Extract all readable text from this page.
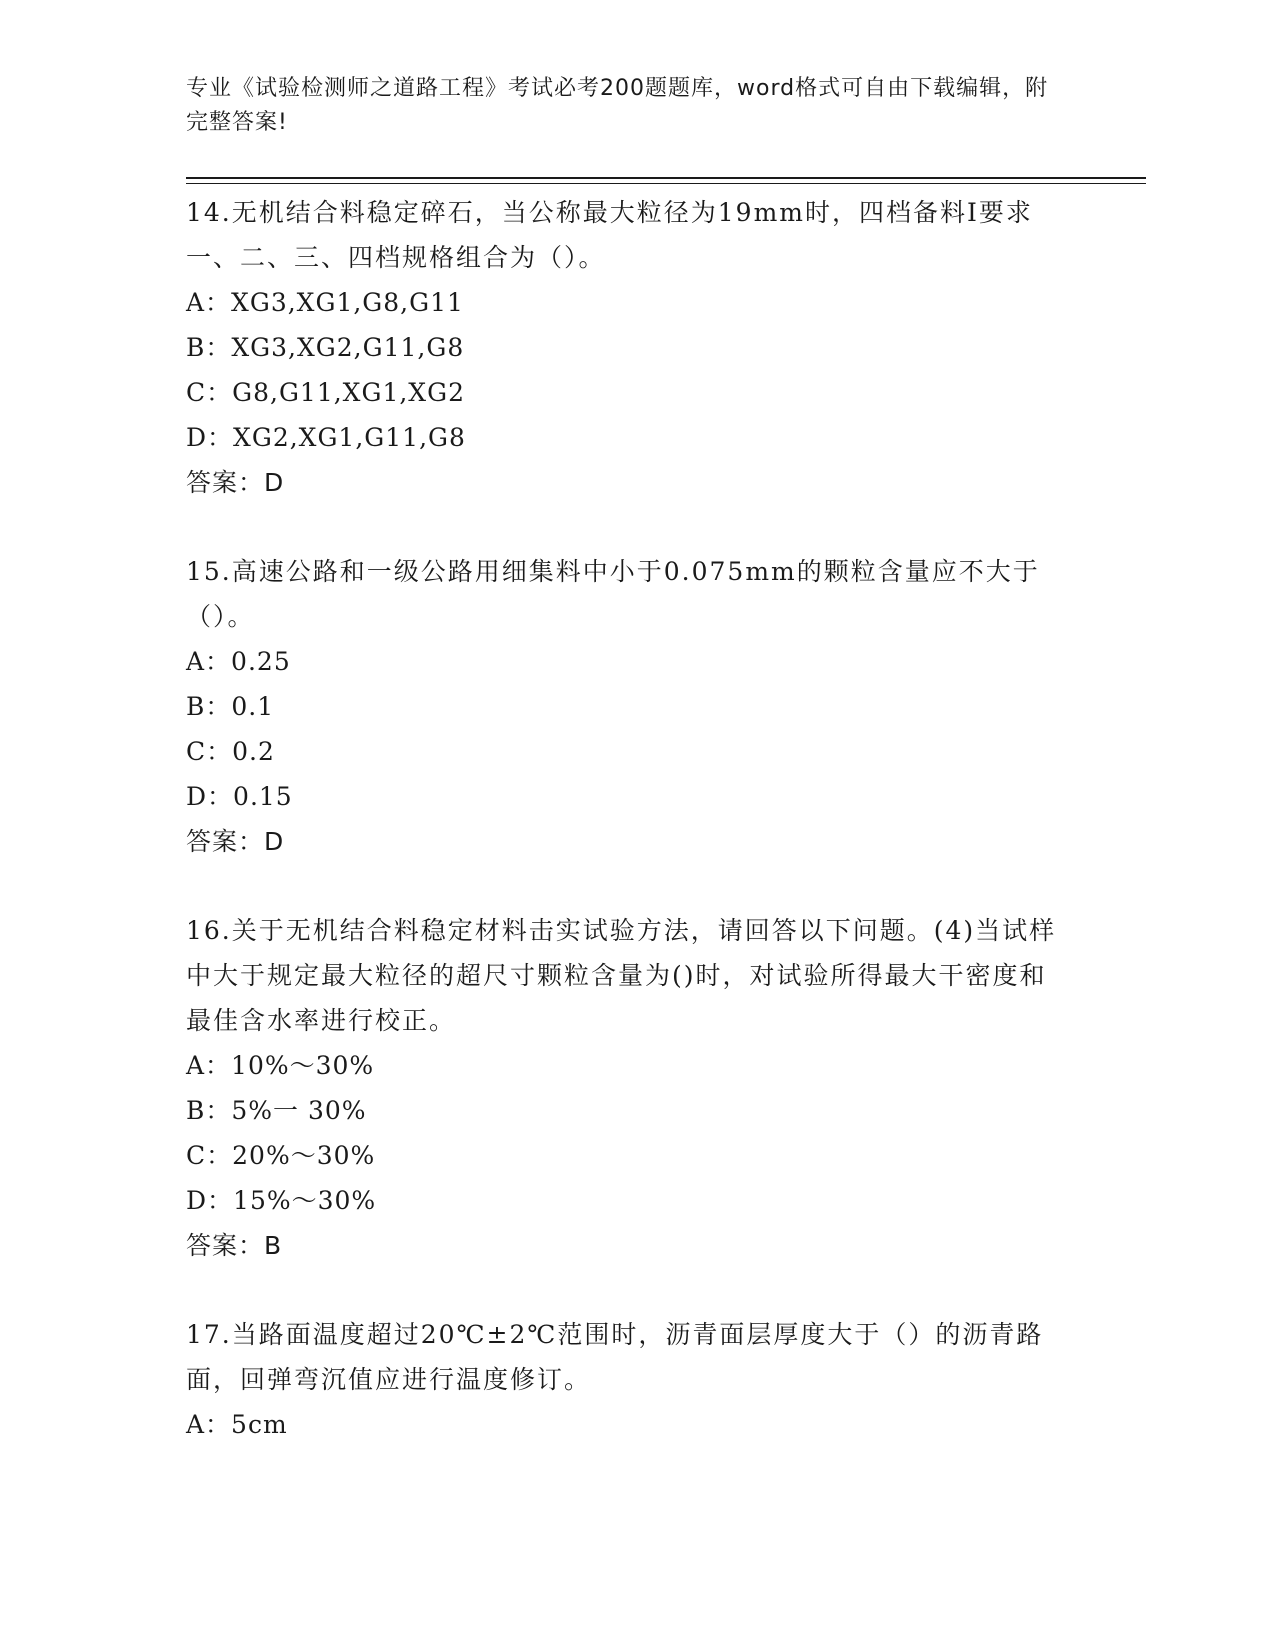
专业《试验检测师之道路工程》考试必考200题题库，word格式可自由下载编辑，附完整答案!
14.无机结合料稳定碎石，当公称最大粒径为19mm时，四档备料I要求一、二、三、四档规格组合为（）。
A：XG3,XG1,G8,G11
B：XG3,XG2,G11,G8
C：G8,G11,XG1,XG2
D：XG2,XG1,G11,G8
答案：D
15.高速公路和一级公路用细集料中小于0.075mm的颗粒含量应不大于（）。
A：0.25
B：0.1
C：0.2
D：0.15
答案：D
16.关于无机结合料稳定材料击实试验方法，请回答以下问题。(4)当试样中大于规定最大粒径的超尺寸颗粒含量为()时，对试验所得最大干密度和最佳含水率进行校正。
A：10%～30%
B：5%一 30%
C：20%～30%
D：15%～30%
答案：B
17.当路面温度超过20℃±2℃范围时，沥青面层厚度大于（）的沥青路面，回弹弯沉值应进行温度修订。
A：5cm
